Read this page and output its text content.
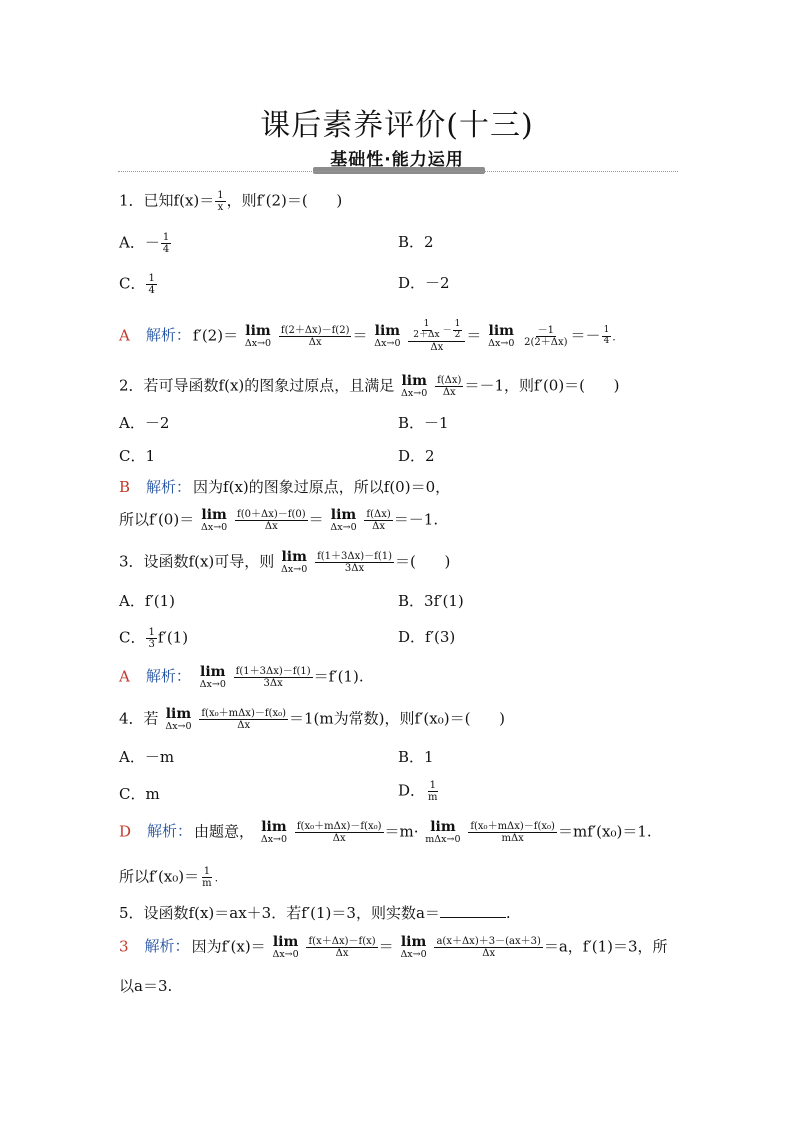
课后素养评价(十三)
基础性·能力运用
1．已知$f(x)= \frac{1}{x}$ ，则f′(2)＝( )
A．－ $\frac{1}{4}$	B．2
C． $\frac{1}{4}$	D．－2
A 解析： f′(2)＝ lim
Δx→0
$\frac{f(2+\Delta x)-f(2)}{\Delta x} = \lim$
Δx→0
$\frac{\frac{1}{2+\Delta x} - \frac{1}{2}}{\Delta x} = \lim$
Δx→0
$\frac{-1}{2(2+\Delta x)} =- \frac{1}{4}$ .
2．若可导函数f(x)的图象过原点，且满足 lim
Δx→0
$\frac{f(\Delta x)}{\Delta x} =-1$，则f′(0)＝( )
A．－2	B．－1
C．1	D．2
B 解析： 因为f(x)的图象过原点，所以f(0)＝0，
所以f′(0)＝ lim
Δx→0
$\frac{f(0+\Delta x)-f(0)}{\Delta x} = \lim$
Δx→0
$\frac{f(\Delta x)}{\Delta x} =-1$.
3．设函数f(x)可导，则 lim
Δx→0
$\frac{f(1+3\Delta x)-f(1)}{3\Delta x}$ ＝( )
A．f′(1)	B．3f′(1)
C． $\frac{1}{3} f'(1)$	D．f′(3)
A 解析： lim
Δx→0
$\frac{f(1+3\Delta x)-f(1)}{3\Delta x} =f'(1)$.
4．若 lim
Δx→0
$\frac{\text{f(x₀＋mΔx)－f(x₀)}}{\Delta x} =1(m$为常数)，则f′(x₀)＝( )
A．－m	B．1
C．m	D． $\frac{1}{m}$
D 解析： 由题意， lim
Δx→0
$\frac{\text{f(x₀＋mΔx)－f(x₀)}}{\Delta x} =m\cdot \lim$
mΔx→0
$\frac{\text{f(x₀＋mΔx)－f(x₀)}}{\text{mΔx}} =mf'(x_0)=1$.
所以$f'(x_0)= \frac{1}{m}$ .
5．设函数f(x)＝ax＋3．若f′(1)＝3，则实数a＝	.
3 解析： 因为f′(x)＝ lim
Δx→0
$\frac{f(x+\Delta x)-f(x)}{\Delta x} = \lim$
Δx→0
$\frac{a(x+\Delta x)+3-(ax+3)}{\Delta x} =a$，f′(1)＝3，所
以a＝3.
